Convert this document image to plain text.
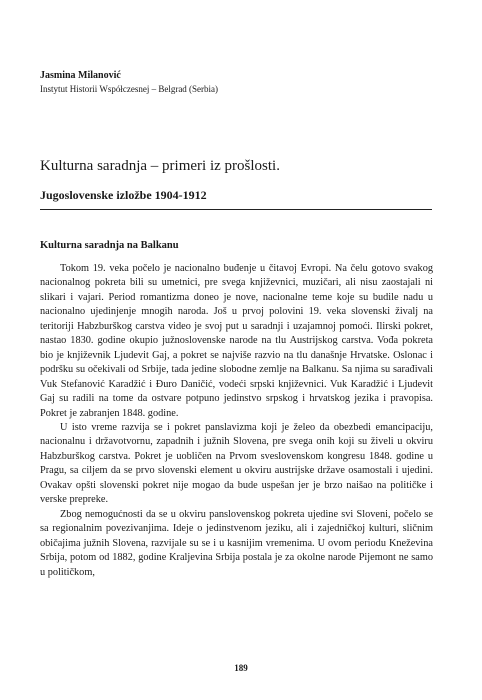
Jasmina Milanović
Instytut Historii Współczesnej – Belgrad (Serbia)
Kulturna saradnja – primeri iz prošlosti.
Jugoslovenske izložbe 1904-1912
Kulturna saradnja na Balkanu

Tokom 19. veka počelo je nacionalno buđenje u čitavoj Evropi. Na čelu gotovo svakog nacionalnog pokreta bili su umetnici, pre svega književnici, muzičari, ali nisu zaostajali ni slikari i vajari. Period romantizma doneo je nove, nacionalne teme koje su budile nadu u nacionalno ujedinjenje mnogih naroda. Još u prvoj polovini 19. veka slovenski živalj na teritoriji Habzburškog carstva video je svoj put u saradnji i uzajamnoj pomoći. Ilirski pokret, nastao 1830. godine okupio južnoslovenske narode na tlu Austrijskog carstva. Vođa pokreta bio je književnik Ljudevit Gaj, a pokret se najviše razvio na tlu današnje Hrvatske. Oslonac i podršku su očekivali od Srbije, tada jedine slobodne zemlje na Balkanu. Sa njima su sarađivali Vuk Stefanović Karadžić i Đuro Daničić, vodeći srpski književnici. Vuk Karadžić i Ljudevit Gaj su radili na tome da ostvare potpuno jedinstvo srpskog i hrvatskog jezika i pravopisa. Pokret je zabranjen 1848. godine.

U isto vreme razvija se i pokret panslavizma koji je želeo da obezbedi emancipaciju, nacionalnu i državotvornu, zapadnih i južnih Slovena, pre svega onih koji su živeli u okviru Habzburškog carstva. Pokret je uobličen na Prvom sveslovenskom kongresu 1848. godine u Pragu, sa ciljem da se prvo slovenski element u okviru austrijske države osamostali i ujedini. Ovakav opšti slovenski pokret nije mogao da bude uspešan jer je brzo naišao na političke i verske prepreke.

Zbog nemogućnosti da se u okviru panslovenskog pokreta ujedine svi Sloveni, počelo se sa regionalnim povezivanjima. Ideje o jedinstvenom jeziku, ali i zajedničkoj kulturi, sličnim običajima južnih Slovena, razvijale su se i u kasnijim vremenima. U ovom periodu Kneževina Srbija, potom od 1882, godine Kraljevina Srbija postala je za okolne narode Pijemont ne samo u političkom,

189
